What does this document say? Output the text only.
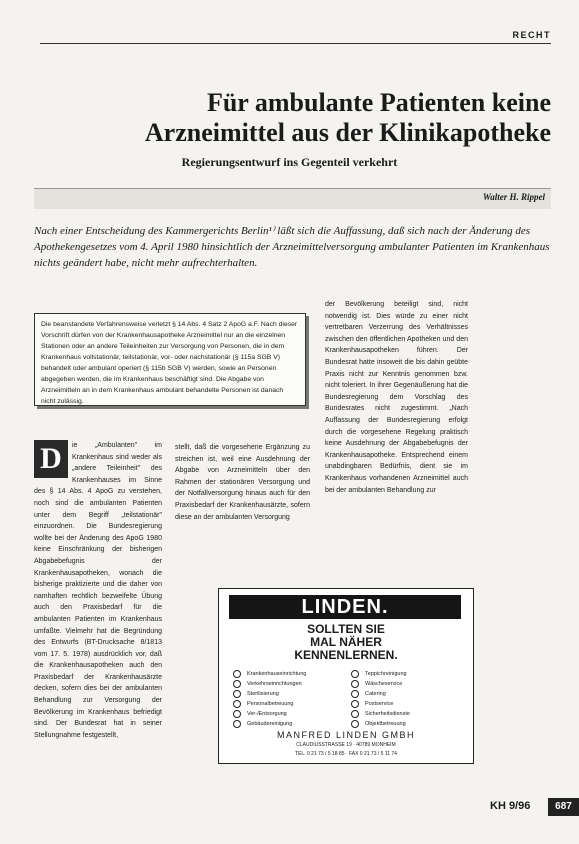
RECHT
Für ambulante Patienten keine
Arzneimittel aus der Klinikapotheke
Regierungsentwurf ins Gegenteil verkehrt
Walter H. Rippel
Nach einer Entscheidung des Kammergerichts Berlin¹⁾ läßt sich die Auffassung, daß sich nach der Änderung des Apothekengesetzes vom 4. April 1980 hinsichtlich der Arzneimittelversorgung ambulanter Patienten im Krankenhaus nichts geändert habe, nicht mehr aufrechterhalten.
Die beanstandete Verfahrensweise verletzt § 14 Abs. 4 Satz 2 ApoG a.F. Nach dieser Vorschrift dürfen von der Krankenhausapotheke Arzneimittel nur an die einzelnen Stationen oder an andere Teileinheiten zur Versorgung von Personen, die in dem Krankenhaus vollstationär, teilstationär, vor- oder nachstationär (§ 115a SGB V) behandelt oder ambulant operiert (§ 115b SGB V) werden, sowie an Personen abgegeben werden, die im Krankenhaus beschäftigt sind. Die Abgabe von Arzneimitteln an in dem Krankenhaus ambulant behandelte Personen ist danach nicht zulässig.
der Bevölkerung beteiligt sind, nicht notwendig ist. Dies würde zu einer nicht vertretbaren Verzerrung des Verhältnisses zwischen den öffentlichen Apotheken und den Krankenhausapotheken führen. Der Bundesrat hatte insoweit die bis dahin geübte Praxis nicht zur Kenntnis genommen bzw. nicht toleriert. In ihrer Gegenäußerung hat die Bundesregierung dem Vorschlag des Bundesrates nicht zugestimmt. „Nach Auffassung der Bundesregierung erfolgt durch die vorgesehene Regelung praktisch keine Ausdehnung der Abgabebefugnis der Krankenhausapotheke. Entsprechend einem unabdingbaren Bedürfnis, dient sie im Krankenhaus vorhandenen Arzneimittel auch bei der ambulanten Behandlung zur
ie „Ambulanten" im Krankenhaus sind weder als „andere Teileinheit" des Krankenhauses im Sinne des § 14 Abs. 4 ApoG zu verstehen, noch sind die ambulanten Patienten unter dem Begriff „teilstationär" einzuordnen. Die Bundesregierung wollte bei der Änderung des ApoG 1980 keine Einschränkung der bisherigen Abgabebefugnis der Krankenhausapotheken, wonach die bisherige praktizierte und die daher von namhaften rechtlich bezweifelte Übung auch den Praxisbedarf für die ambulanten Patienten im Krankenhaus umfaßte. Vielmehr hat die Begründung des Entwurfs (BT-Drucksache 8/1813 vom 17. 5. 1978) ausdrücklich vor, daß die Krankenhausapotheken auch den Praxisbedarf der Krankenhausärzte decken, sofern dies bei der ambulanten Behandlung zur Versorgung der Bevölkerung im Krankenhaus befriedigt sind. Der Bundesrat hat in seiner Stellungnahme festgestellt,
D	stellt, daß die vorgesehene Ergänzung zu streichen ist, weil eine Ausdehnung der Abgabe von Arzneimitteln über den Rahmen der stationären Versorgung und der Notfallversorgung hinaus auch für den Praxisbedarf der Krankenhausärzte, sofern diese an der ambulanten Versorgung
LINDEN.
SOLLTEN SIE
MAL NÄHER
KENNENLERNEN.
Krankenhauseinrichtung
Verkehrseinrichtungen
Sterilisierung
Personalbetreuung
Ver-/Entsorgung
Gebäudereinigung
Teppichreinigung
Wäscheservice
Catering
Postservice
Sicherheitsdienste
Objektbetreuung
MANFRED LINDEN GMBH
CLAUDIUSSTRASSE 19 · 40789 MONHEIM
TEL. 0 21 73 / 5 18 85 · FAX 0 21 73 / 5 11 74
KH 9/96	687
